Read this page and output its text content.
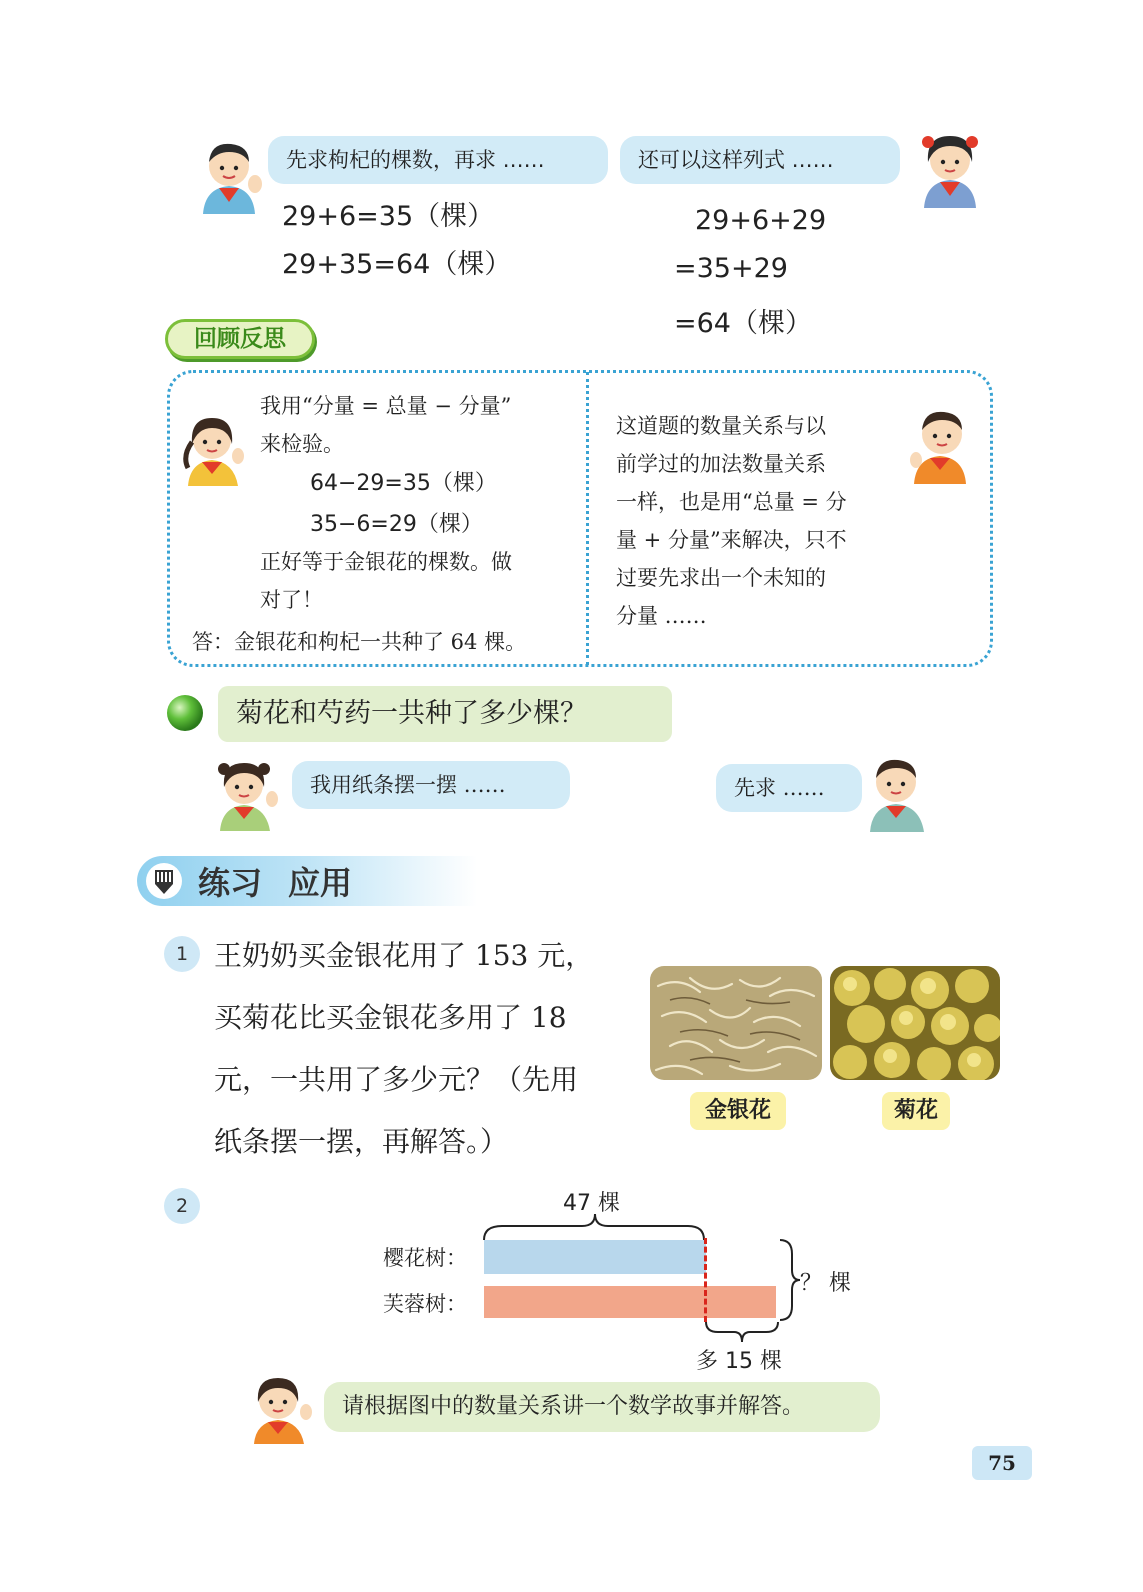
先求枸杞的棵数，再求 ……	还可以这样列式 ……
29+6=35（棵）
29+35=64（棵）
29+6+29
=35+29
=64（棵）
回顾反思
我用“分量 = 总量 − 分量”
来检验。
64−29=35（棵）
35−6=29（棵）
正好等于金银花的棵数。做
对了！
答：金银花和枸杞一共种了 64 棵。
这道题的数量关系与以
前学过的加法数量关系
一样，也是用“总量 = 分
量 + 分量”来解决，只不
过要先求出一个未知的
分量 ……
菊花和芍药一共种了多少棵？
我用纸条摆一摆 ……	先求 ……
练习 应用
1 王奶奶买金银花用了 153 元，
买菊花比买金银花多用了 18
元，一共用了多少元？（先用
纸条摆一摆，再解答。）
金银花	菊花
2	47 棵
樱花树：
芙蓉树：
？ 棵
多 15 棵
请根据图中的数量关系讲一个数学故事并解答。
75
